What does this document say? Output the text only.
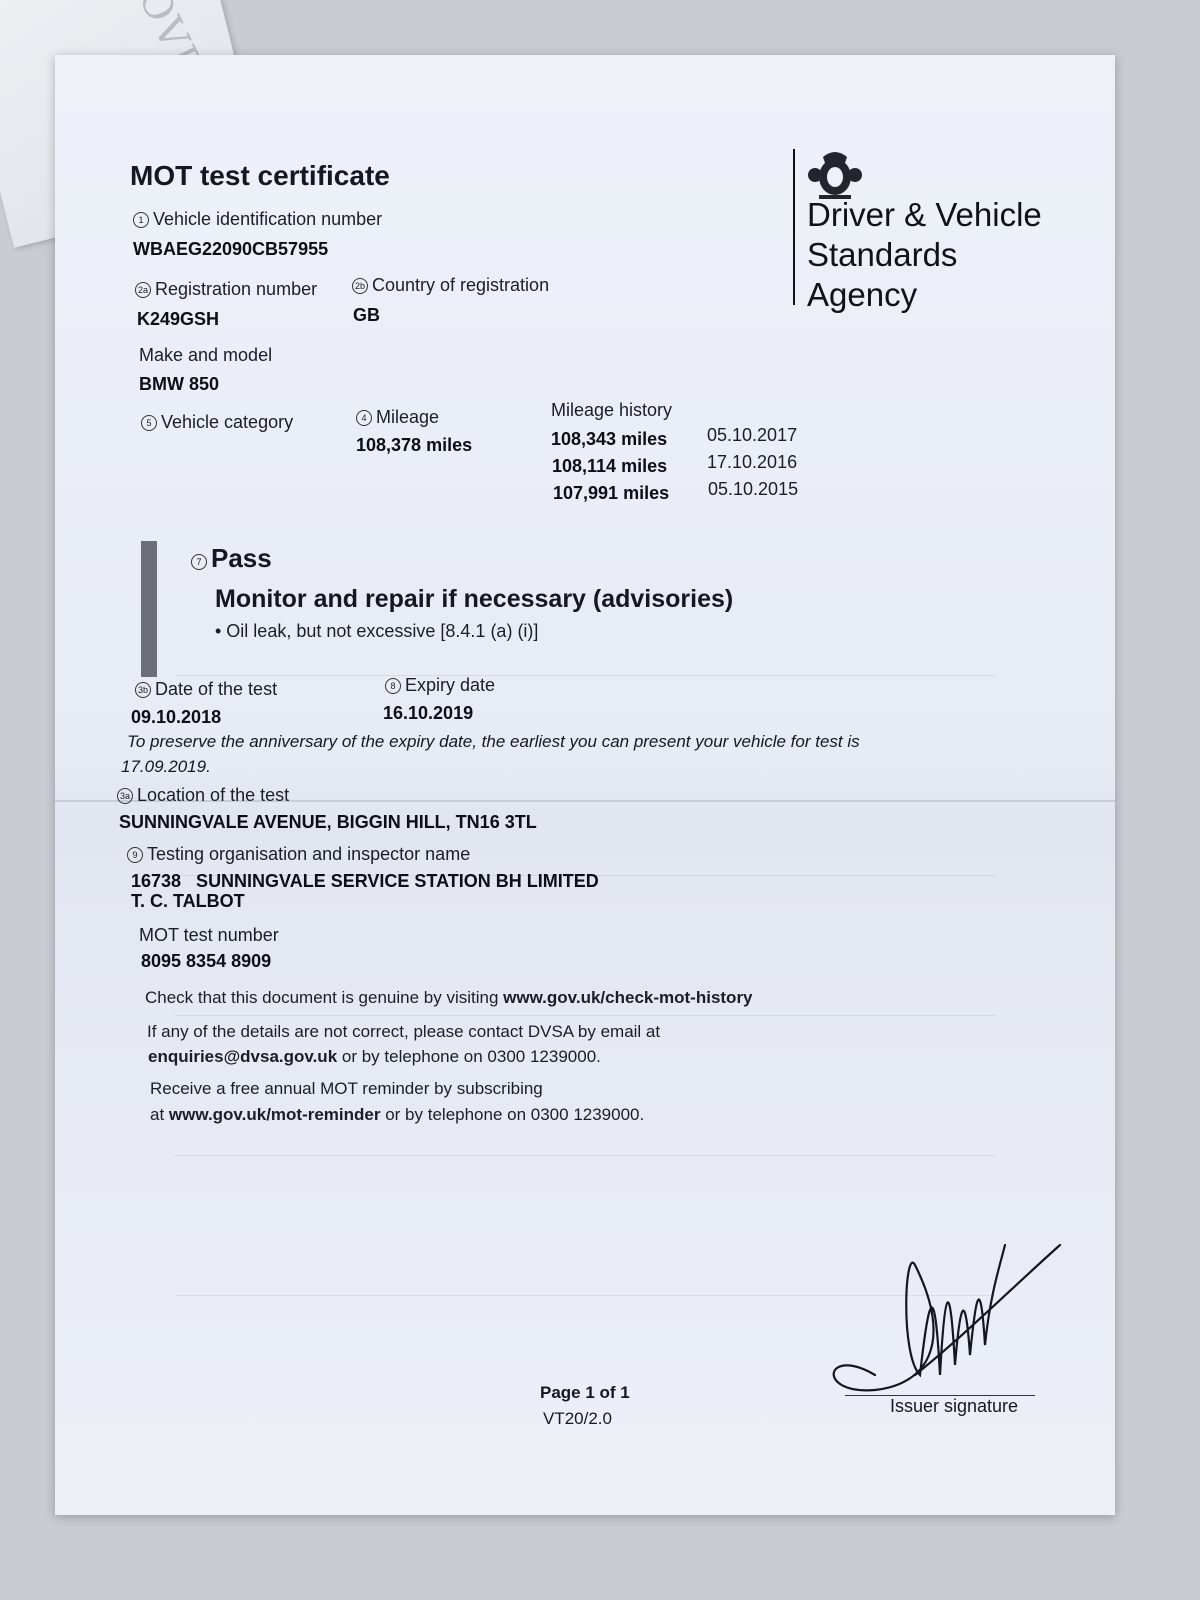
MOT test certificate
Driver & Vehicle
Standards
Agency
1 Vehicle identification number
WBAEG22090CB57955
2a Registration number
K249GSH
2b Country of registration
GB
Make and model
BMW 850
5 Vehicle category	4 Mileage
108,378 miles
Mileage history
108,343 miles 05.10.2017
108,114 miles 17.10.2016
107,991 miles 05.10.2015
7 Pass
Monitor and repair if necessary (advisories)
• Oil leak, but not excessive [8.4.1 (a) (i)]
3b Date of the test
09.10.2018
8 Expiry date
16.10.2019
To preserve the anniversary of the expiry date, the earliest you can present your vehicle for test is
17.09.2019.
3a Location of the test
SUNNINGVALE AVENUE, BIGGIN HILL, TN16 3TL
9 Testing organisation and inspector name
16738   SUNNINGVALE SERVICE STATION BH LIMITED
T. C. TALBOT
MOT test number
8095 8354 8909
Check that this document is genuine by visiting www.gov.uk/check-mot-history
If any of the details are not correct, please contact DVSA by email at
enquiries@dvsa.gov.uk or by telephone on 0300 1239000.
Receive a free annual MOT reminder by subscribing
at www.gov.uk/mot-reminder or by telephone on 0300 1239000.
Page 1 of 1
VT20/2.0
Issuer signature
